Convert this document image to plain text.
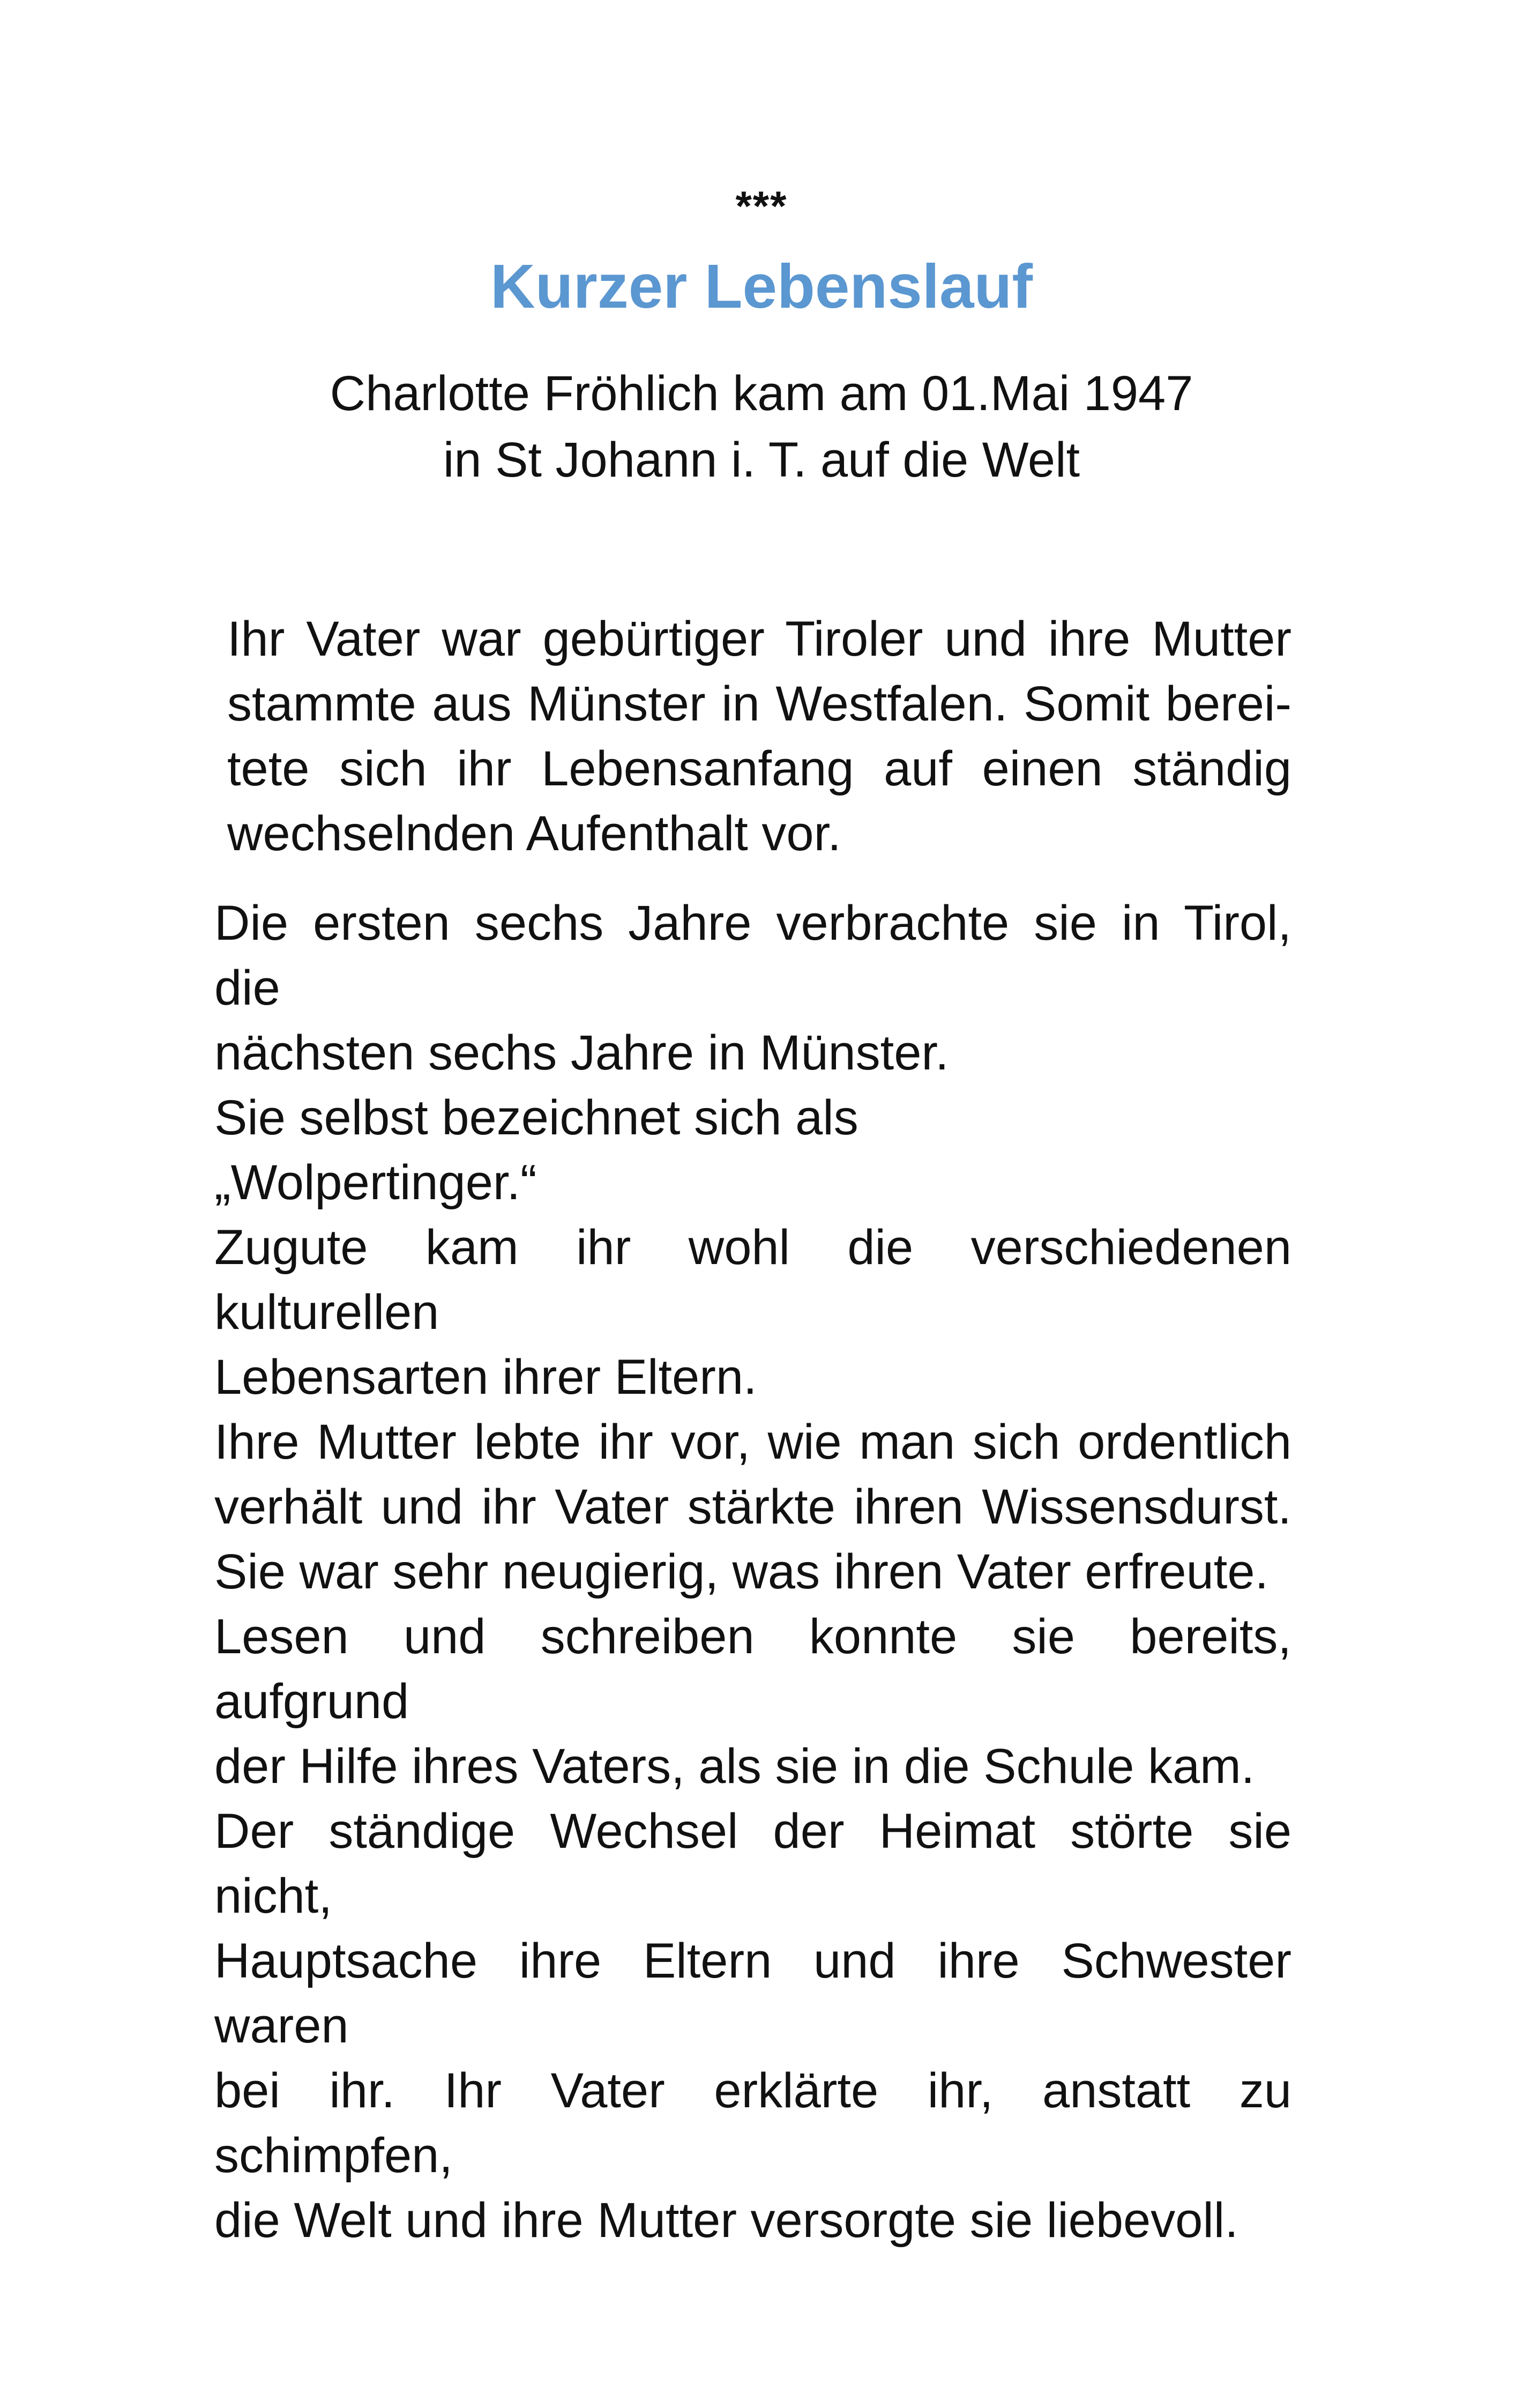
***
Kurzer Lebenslauf
Charlotte Fröhlich kam am 01.Mai 1947
in St Johann i. T. auf die Welt
Ihr Vater war gebürtiger Tiroler und ihre Mutter
stammte aus Münster in Westfalen. Somit berei-
tete sich ihr Lebensanfang auf einen ständig
wechselnden Aufenthalt vor.
Die ersten sechs Jahre verbrachte sie in Tirol, die
nächsten sechs Jahre in Münster.
Sie selbst bezeichnet sich als
„Wolpertinger.“
Zugute kam ihr wohl die verschiedenen kulturellen
Lebensarten ihrer Eltern.
Ihre Mutter lebte ihr vor, wie man sich ordentlich
verhält und ihr Vater stärkte ihren Wissensdurst.
Sie war sehr neugierig, was ihren Vater erfreute.
Lesen und schreiben konnte sie bereits, aufgrund
der Hilfe ihres Vaters, als sie in die Schule kam.
Der ständige Wechsel der Heimat störte sie nicht,
Hauptsache ihre Eltern und ihre Schwester waren
bei ihr. Ihr Vater erklärte ihr, anstatt zu schimpfen,
die Welt und ihre Mutter versorgte sie liebevoll.
